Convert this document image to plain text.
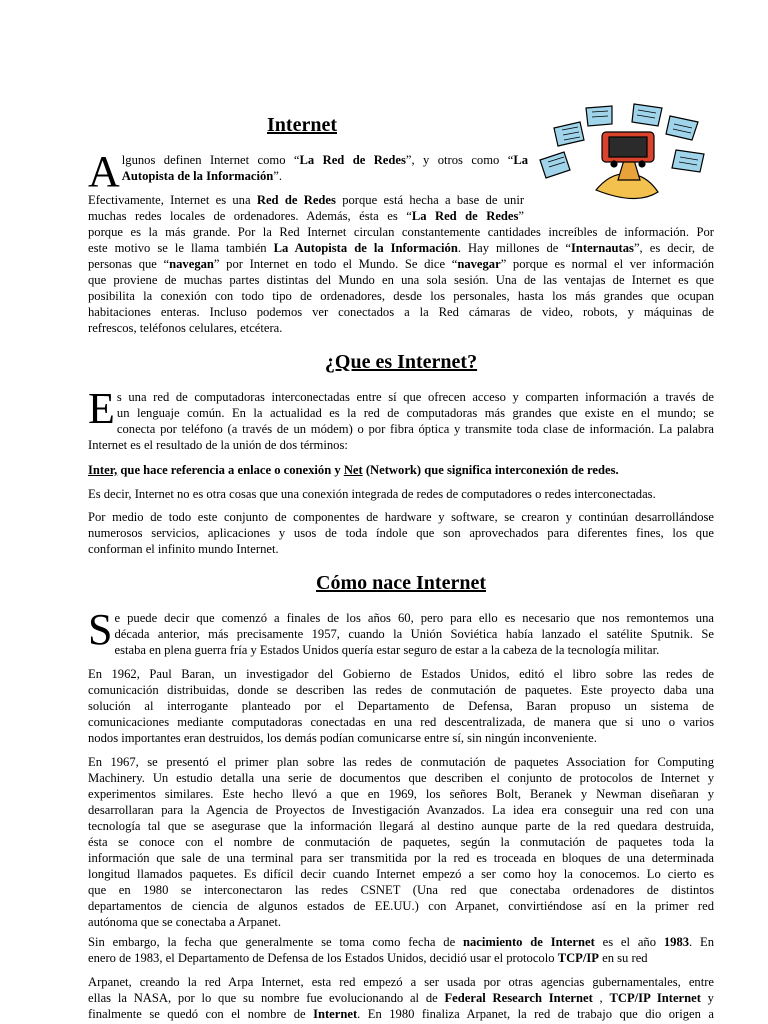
Internet
A lgunos definen Internet como “La Red de Redes”, y otros como “La
Autopista de la Información”.
Efectivamente, Internet es una Red de Redes porque está hecha a base de unir
muchas redes locales de ordenadores. Además, ésta es “La Red de Redes”
porque es la más grande. Por la Red Internet circulan constantemente cantidades increíbles de información. Por
este motivo se le llama también La Autopista de la Información. Hay millones de “Internautas”, es decir, de
personas que “navegan” por Internet en todo el Mundo. Se dice “navegar” porque es normal el ver información
que proviene de muchas partes distintas del Mundo en una sola sesión. Una de las ventajas de Internet es que
posibilita la conexión con todo tipo de ordenadores, desde los personales, hasta los más grandes que ocupan
habitaciones enteras. Incluso podemos ver conectados a la Red cámaras de video, robots, y máquinas de
refrescos, teléfonos celulares, etcétera.
¿Que es Internet?
E s una red de computadoras interconectadas entre sí que ofrecen acceso y comparten información a través de
un lenguaje común. En la actualidad es la red de computadoras más grandes que existe en el mundo; se
conecta por teléfono (a través de un módem) o por fibra óptica y transmite toda clase de información. La palabra
Internet es el resultado de la unión de dos términos:
Inter, que hace referencia a enlace o conexión y Net (Network) que significa interconexión de redes.
Es decir, Internet no es otra cosas que una conexión integrada de redes de computadores o redes interconectadas.
Por medio de todo este conjunto de componentes de hardware y software, se crearon y continúan desarrollándose
numerosos servicios, aplicaciones y usos de toda índole que son aprovechados para diferentes fines, los que
conforman el infinito mundo Internet.
Cómo nace Internet
S e puede decir que comenzó a finales de los años 60, pero para ello es necesario que nos remontemos una
década anterior, más precisamente 1957, cuando la Unión Soviética había lanzado el satélite Sputnik. Se
estaba en plena guerra fría y Estados Unidos quería estar seguro de estar a la cabeza de la tecnología militar.
En 1962, Paul Baran, un investigador del Gobierno de Estados Unidos, editó el libro sobre las redes de
comunicación distribuidas, donde se describen las redes de conmutación de paquetes. Este proyecto daba una
solución al interrogante planteado por el Departamento de Defensa, Baran propuso un sistema de
comunicaciones mediante computadoras conectadas en una red descentralizada, de manera que si uno o varios
nodos importantes eran destruidos, los demás podían comunicarse entre sí, sin ningún inconveniente.
En 1967, se presentó el primer plan sobre las redes de conmutación de paquetes Association for Computing
Machinery. Un estudio detalla una serie de documentos que describen el conjunto de protocolos de Internet y
experimentos similares. Este hecho llevó a que en 1969, los señores Bolt, Beranek y Newman diseñaran y
desarrollaran para la Agencia de Proyectos de Investigación Avanzados. La idea era conseguir una red con una
tecnología tal que se asegurase que la información llegará al destino aunque parte de la red quedara destruida,
ésta se conoce con el nombre de conmutación de paquetes, según la conmutación de paquetes toda la
información que sale de una terminal para ser transmitida por la red es troceada en bloques de una determinada
longitud llamados paquetes. Es difícil decir cuando Internet empezó a ser como hoy la conocemos. Lo cierto es
que en 1980 se interconectaron las redes CSNET (Una red que conectaba ordenadores de distintos
departamentos de ciencia de algunos estados de EE.UU.) con Arpanet, convirtiéndose así en la primer red
autónoma que se conectaba a Arpanet.
Sin embargo, la fecha que generalmente se toma como fecha de nacimiento de Internet es el año 1983. En
enero de 1983, el Departamento de Defensa de los Estados Unidos, decidió usar el protocolo TCP/IP en su red
Arpanet, creando la red Arpa Internet, esta red empezó a ser usada por otras agencias gubernamentales, entre
ellas la NASA, por lo que su nombre fue evolucionando al de Federal Research Internet , TCP/IP Internet y
finalmente se quedó con el nombre de Internet. En 1980 finaliza Arpanet, la red de trabajo que dio origen a
